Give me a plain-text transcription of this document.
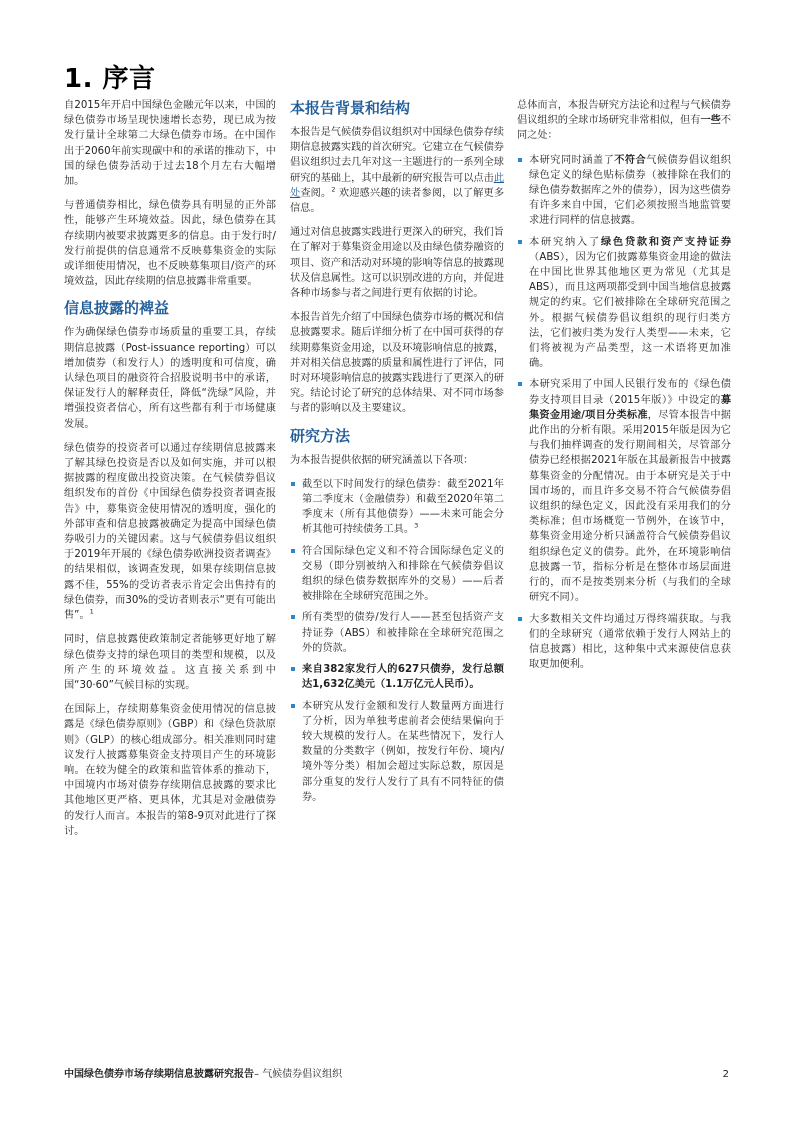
1. 序言

自2015年开启中国绿色金融元年以来，中国的绿色债券市场呈现快速增长态势，现已成为按发行量计全球第二大绿色债券市场。在中国作出于2060年前实现碳中和的承诺的推动下，中国的绿色债券活动于过去18个月左右大幅增加。

与普通债券相比，绿色债券具有明显的正外部性，能够产生环境效益。因此，绿色债券在其存续期内被要求披露更多的信息。由于发行时/发行前提供的信息通常不反映募集资金的实际或详细使用情况，也不反映募集项目/资产的环境效益，因此存续期的信息披露非常重要。

信息披露的裨益

作为确保绿色债券市场质量的重要工具，存续期信息披露（Post-issuance reporting）可以增加债券（和发行人）的透明度和可信度，确认绿色项目的融资符合招股说明书中的承诺，保证发行人的解释责任，降低“洗绿”风险，并增强投资者信心，所有这些都有利于市场健康发展。

绿色债券的投资者可以通过存续期信息披露来了解其绿色投资是否以及如何实施，并可以根据披露的程度做出投资决策。在气候债券倡议组织发布的首份《中国绿色债券投资者调查报告》中，募集资金使用情况的透明度，强化的外部审查和信息披露被确定为提高中国绿色债券吸引力的关键因素。这与气候债券倡议组织于2019年开展的《绿色债券欧洲投资者调查》的结果相似，该调查发现，如果存续期信息披露不佳，55%的受访者表示肯定会出售持有的绿色债券，而30%的受访者则表示“更有可能出售”。$^1$

同时，信息披露使政策制定者能够更好地了解绿色债券支持的绿色项目的类型和规模，以及所产生的环境效益。这直接关系到中国“30·60”气候目标的实现。

在国际上，存续期募集资金使用情况的信息披露是《绿色债券原则》（GBP）和《绿色贷款原则》（GLP）的核心组成部分。相关准则同时建议发行人披露募集资金支持项目产生的环境影响。在较为健全的政策和监管体系的推动下，中国境内市场对债券存续期信息披露的要求比其他地区更严格、更具体，尤其是对金融债券的发行人而言。本报告的第8-9页对此进行了探讨。

本报告背景和结构

本报告是气候债券倡议组织对中国绿色债券存续期信息披露实践的首次研究。它建立在气候债券倡议组织过去几年对这一主题进行的一系列全球研究的基础上，其中最新的研究报告可以点击此处查阅。$^2$ 欢迎感兴趣的读者参阅，以了解更多信息。

通过对信息披露实践进行更深入的研究，我们旨在了解对于募集资金用途以及由绿色债券融资的项目、资产和活动对环境的影响等信息的披露现状及信息属性。这可以识别改进的方向，并促进各种市场参与者之间进行更有依据的讨论。

本报告首先介绍了中国绿色债券市场的概况和信息披露要求。随后详细分析了在中国可获得的存续期募集资金用途，以及环境影响信息的披露，并对相关信息披露的质量和属性进行了评估，同时对环境影响信息的披露实践进行了更深入的研究。结论讨论了研究的总体结果、对不同市场参与者的影响以及主要建议。

研究方法

为本报告提供依据的研究涵盖以下各项：

截至以下时间发行的绿色债券：截至2021年第二季度末（金融债券）和截至2020年第二季度末（所有其他债券）——未来可能会分析其他可持续债务工具。$^3$
符合国际绿色定义和不符合国际绿色定义的交易（即分别被纳入和排除在气候债券倡议组织的绿色债券数据库外的交易）——后者被排除在全球研究范围之外。
所有类型的债券/发行人——甚至包括资产支持证券（ABS）和被排除在全球研究范围之外的贷款。
来自382家发行人的627只债券，发行总额达1,632亿美元（1.1万亿元人民币）。
本研究从发行金额和发行人数量两方面进行了分析，因为单独考虑前者会使结果偏向于较大规模的发行人。在某些情况下，发行人数量的分类数字（例如，按发行年份、境内/境外等分类）相加会超过实际总数，原因是部分重复的发行人发行了具有不同特征的债券。

总体而言，本报告研究方法论和过程与气候债券倡议组织的全球市场研究非常相似，但有一些不同之处：

本研究同时涵盖了不符合气候债券倡议组织绿色定义的绿色贴标债券（被排除在我们的绿色债券数据库之外的债券），因为这些债券有许多来自中国，它们必须按照当地监管要求进行同样的信息披露。
本研究纳入了绿色贷款和资产支持证券（ABS），因为它们披露募集资金用途的做法在中国比世界其他地区更为常见（尤其是ABS），而且这两项都受到中国当地信息披露规定的约束。它们被排除在全球研究范围之外。根据气候债券倡议组织的现行归类方法，它们被归类为发行人类型——未来，它们将被视为产品类型，这一术语将更加准确。
本研究采用了中国人民银行发布的《绿色债券支持项目目录（2015年版）》中设定的募集资金用途/项目分类标准，尽管本报告中据此作出的分析有限。采用2015年版是因为它与我们抽样调查的发行期间相关，尽管部分债券已经根据2021年版在其最新报告中披露募集资金的分配情况。由于本研究是关于中国市场的，而且许多交易不符合气候债券倡议组织的绿色定义，因此没有采用我们的分类标准；但市场概览一节例外，在该节中，募集资金用途分析只涵盖符合气候债券倡议组织绿色定义的债券。此外，在环境影响信息披露一节，指标分析是在整体市场层面进行的，而不是按类别来分析（与我们的全球研究不同）。
大多数相关文件均通过万得终端获取。与我们的全球研究（通常依赖于发行人网站上的信息披露）相比，这种集中式来源使信息获取更加便利。
中国绿色债券市场存续期信息披露研究报告– 气候债券倡议组织	2
